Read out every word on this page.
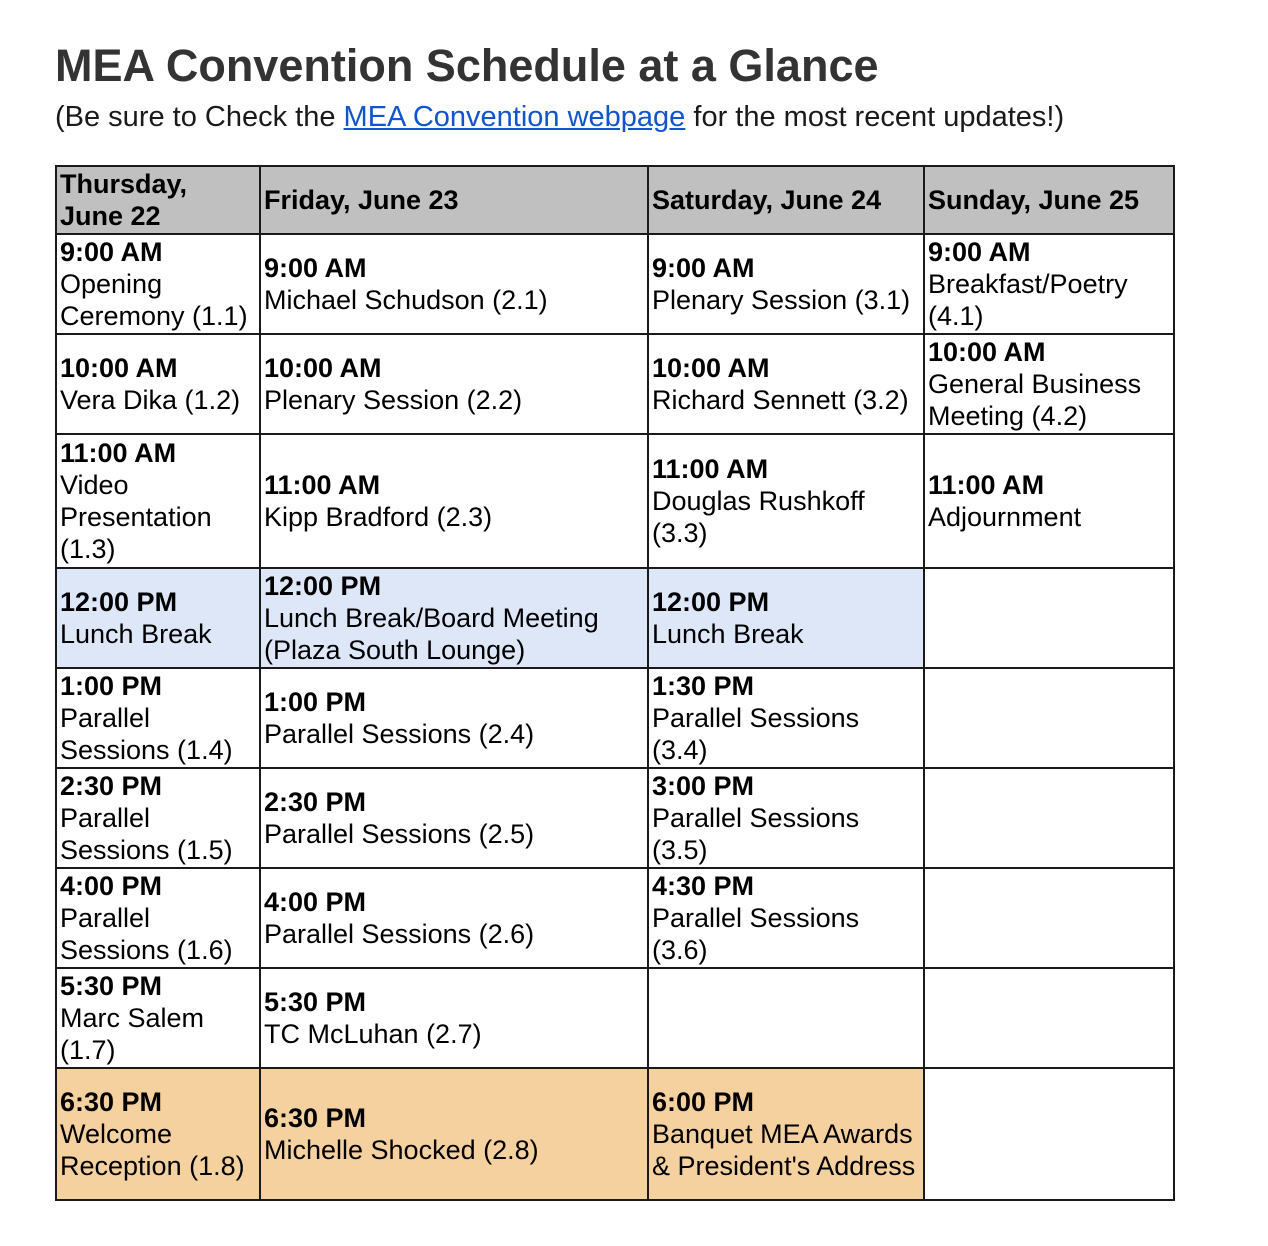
MEA Convention Schedule at a Glance

(Be sure to Check the MEA Convention webpage for the most recent updates!)

Thursday, June 22	Friday, June 23	Saturday, June 24	Sunday, June 25

9:00 AM
Opening Ceremony (1.1)	9:00 AM
Michael Schudson (2.1)	9:00 AM
Plenary Session (3.1)	9:00 AM
Breakfast/Poetry (4.1)

10:00 AM
Vera Dika (1.2)	10:00 AM
Plenary Session (2.2)	10:00 AM
Richard Sennett (3.2)	10:00 AM
General Business Meeting (4.2)

11:00 AM
Video Presentation (1.3)	11:00 AM
Kipp Bradford (2.3)	11:00 AM
Douglas Rushkoff (3.3)	11:00 AM
Adjournment

12:00 PM
Lunch Break	12:00 PM
Lunch Break/Board Meeting (Plaza South Lounge)	12:00 PM
Lunch Break	

1:00 PM
Parallel Sessions (1.4)	1:00 PM
Parallel Sessions (2.4)	1:30 PM
Parallel Sessions (3.4)	

2:30 PM
Parallel Sessions (1.5)	2:30 PM
Parallel Sessions (2.5)	3:00 PM
Parallel Sessions (3.5)	

4:00 PM
Parallel Sessions (1.6)	4:00 PM
Parallel Sessions (2.6)	4:30 PM
Parallel Sessions (3.6)	

5:30 PM
Marc Salem (1.7)	5:30 PM
TC McLuhan (2.7)		

6:30 PM
Welcome Reception (1.8)	6:30 PM
Michelle Shocked (2.8)	6:00 PM
Banquet MEA Awards & President's Address	
